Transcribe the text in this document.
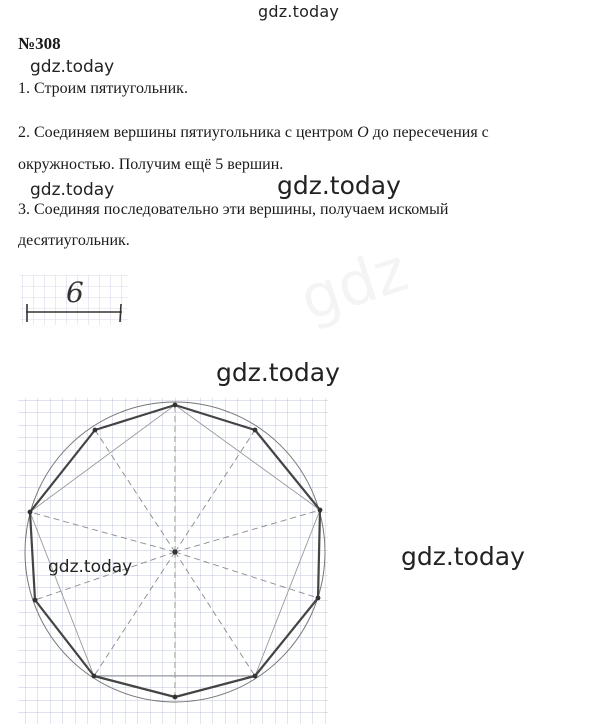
gdz.today
№308
gdz.today
1. Строим пятиугольник.
2. Соединяем вершины пятиугольника с центром O до пересечения с
окружностью. Получим ещё 5 вершин.
gdz.today
gdz.today
3. Соединяя последовательно эти вершины, получаем искомый
десятиугольник.
6
gdz.today
gdz.today
gdz.today
